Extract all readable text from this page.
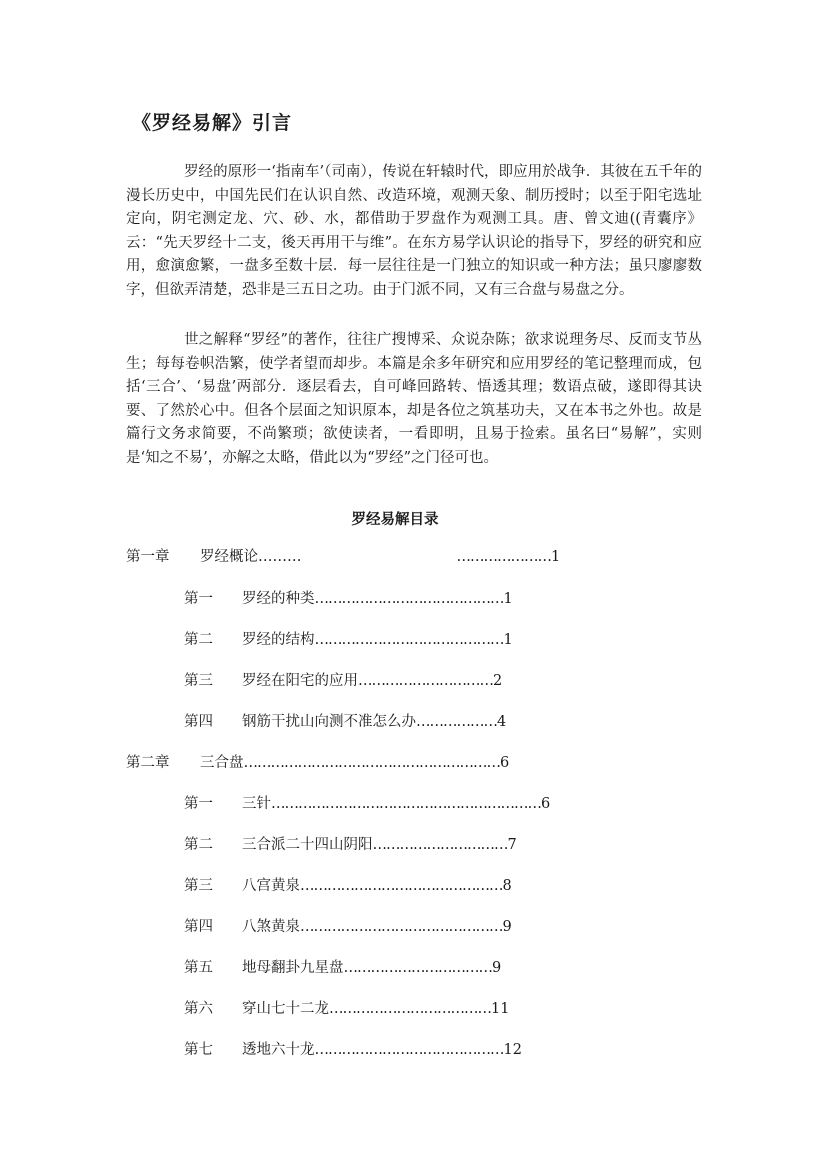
《罗经易解》引言

罗经的原形一‘指南车’（司南），传说在轩辕时代，即应用於战争．其彼在五千年的漫长历史中，中国先民们在认识自然、改造环境，观测天象、制历授时；以至于阳宅选址定向，阴宅测定龙、穴、砂、水，都借助于罗盘作为观测工具。唐、曾文迪((青囊序》云：“先天罗经十二支，後天再用干与维”。在东方易学认识论的指导下，罗经的研究和应用，愈演愈繁，一盘多至数十层．每一层往往是一门独立的知识或一种方法；虽只廖廖数字，但欲弄清楚，恐非是三五日之功。由于门派不同，又有三合盘与易盘之分。

世之解释“罗经”的著作，往往广搜博采、众说杂陈；欲求说理务尽、反而支节丛生；每每卷帜浩繁，使学者望而却步。本篇是余多年研究和应用罗经的笔记整理而成，包括‘三合’、‘易盘’两部分．逐层看去，自可峰回路转、悟透其理；数语点破，遂即得其诀要、了然於心中。但各个层面之知识原本，却是各位之筑基功夫，又在本书之外也。故是篇行文务求简要，不尚繁琐；欲使读者，一看即明，且易于捡索。虽名曰“易解”，实则是‘知之不易’，亦解之太略，借此以为“罗经”之门径可也。

罗经易解目录
第一章 罗经概论………	…………………1
第一 罗经的种类……………………………………1
第二 罗经的结构……………………………………1
第三 罗经在阳宅的应用…………………………2
第四 钢筋干扰山向测不准怎么办………………4
第二章 三合盘…………………………………………………6
第一 三针……………………………………………………6
第二 三合派二十四山阴阳…………………………7
第三 八宫黄泉………………………………………8
第四 八煞黄泉………………………………………9
第五 地母翻卦九星盘……………………………9
第六 穿山七十二龙………………………………11
第七 透地六十龙……………………………………12
